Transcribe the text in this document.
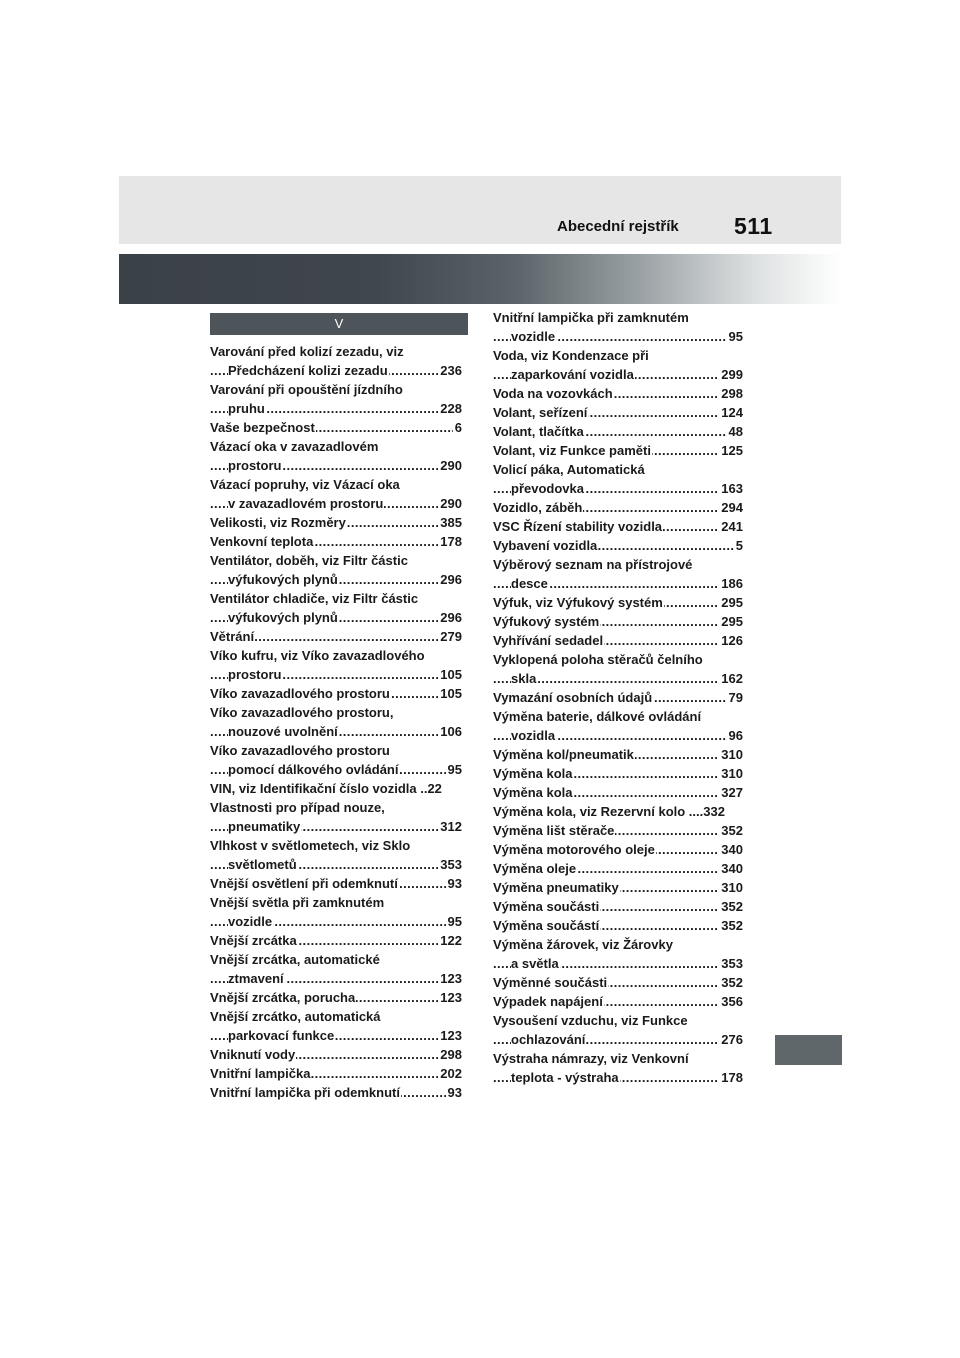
Abecední rejstřík 511
V
Varování před kolizí zezadu, viz
. . . Předcházení kolizi zezadu	236
Varování při opouštění jízdního
. . . pruhu	228
. . . Vaše bezpečnost	6
Vázací oka v zavazadlovém
. . . prostoru	290
Vázací popruhy, viz Vázací oka
. . . v zavazadlovém prostoru	290
. . . Velikosti, viz Rozměry	385
. . . Venkovní teplota	178
Ventilátor, doběh, viz Filtr částic
. . . výfukových plynů	296
Ventilátor chladiče, viz Filtr částic
. . . výfukových plynů	296
. . . Větrání	279
Víko kufru, viz Víko zavazadlového
. . . prostoru	105
. . . Víko zavazadlového prostoru	105
Víko zavazadlového prostoru,
. . . nouzové uvolnění	106
Víko zavazadlového prostoru
. . . pomocí dálkového ovládání	95
VIN, viz Identifikační číslo vozidla ..22
Vlastnosti pro případ nouze,
. . . pneumatiky	312
Vlhkost v světlometech, viz Sklo
. . . světlometů	353
. . . Vnější osvětlení při odemknutí	93
Vnější světla při zamknutém
. . . vozidle	95
. . . Vnější zrcátka	122
Vnější zrcátka, automatické
. . . ztmavení	123
. . . Vnější zrcátka, porucha	123
Vnější zrcátko, automatická
. . . parkovací funkce	123
. . . Vniknutí vody	298
. . . Vnitřní lampička	202
. . . Vnitřní lampička při odemknutí	93
Vnitřní lampička při zamknutém
. . . vozidle	95
Voda, viz Kondenzace při
. . . zaparkování vozidla	299
. . . Voda na vozovkách	298
. . . Volant, seřízení	124
. . . Volant, tlačítka	48
. . . Volant, viz Funkce paměti	125
Volicí páka, Automatická
. . . převodovka	163
. . . Vozidlo, záběh	294
. . . VSC Řízení stability vozidla	241
. . . Vybavení vozidla	5
Výběrový seznam na přístrojové
. . . desce	186
. . . Výfuk, viz Výfukový systém	295
. . . Výfukový systém	295
. . . Vyhřívání sedadel	126
Vyklopená poloha stěračů čelního
. . . skla	162
. . . Vymazání osobních údajů	79
Výměna baterie, dálkové ovládání
. . . vozidla	96
. . . Výměna kol/pneumatik	310
. . . Výměna kola	310
. . . Výměna kola	327
Výměna kola, viz Rezervní kolo ....332
. . . Výměna lišt stěrače	352
. . . Výměna motorového oleje	340
. . . Výměna oleje	340
. . . Výměna pneumatiky	310
. . . Výměna součásti	352
. . . Výměna součástí	352
Výměna žárovek, viz Žárovky
. . . a světla	353
. . . Výměnné součásti	352
. . . Výpadek napájení	356
Vysoušení vzduchu, viz Funkce
. . . ochlazování	276
Výstraha námrazy, viz Venkovní
. . . teplota - výstraha	178
